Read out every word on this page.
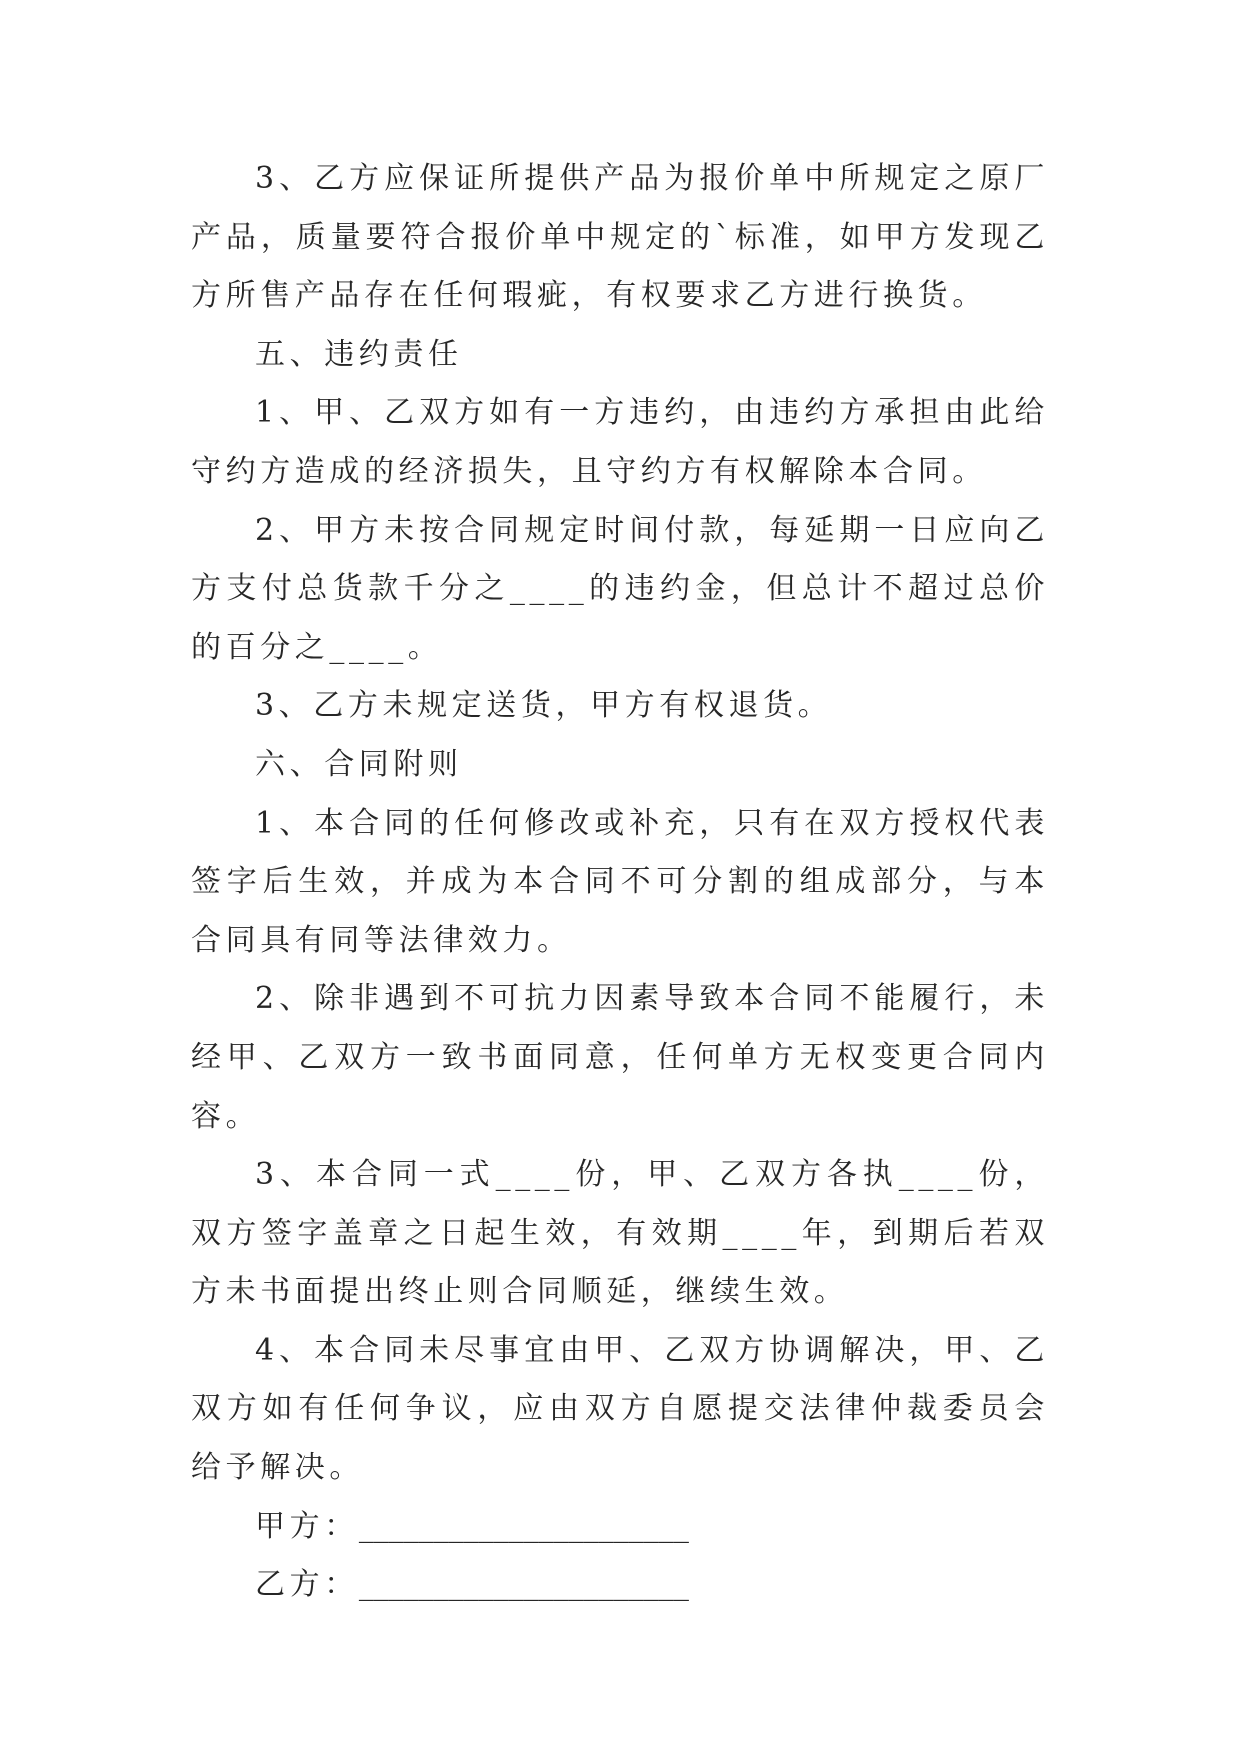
3、乙方应保证所提供产品为报价单中所规定之原厂产品，质量要符合报价单中规定的`标准，如甲方发现乙方所售产品存在任何瑕疵，有权要求乙方进行换货。

五、违约责任

1、甲、乙双方如有一方违约，由违约方承担由此给守约方造成的经济损失，且守约方有权解除本合同。

2、甲方未按合同规定时间付款，每延期一日应向乙方支付总货款千分之____的违约金，但总计不超过总价的百分之____。

3、乙方未规定送货，甲方有权退货。

六、合同附则

1、本合同的任何修改或补充，只有在双方授权代表签字后生效，并成为本合同不可分割的组成部分，与本合同具有同等法律效力。

2、除非遇到不可抗力因素导致本合同不能履行，未经甲、乙双方一致书面同意，任何单方无权变更合同内容。

3、本合同一式____份，甲、乙双方各执____份，双方签字盖章之日起生效，有效期____年，到期后若双方未书面提出终止则合同顺延，继续生效。

4、本合同未尽事宜由甲、乙双方协调解决，甲、乙双方如有任何争议，应由双方自愿提交法律仲裁委员会给予解决。

甲方：______________________

乙方：______________________
